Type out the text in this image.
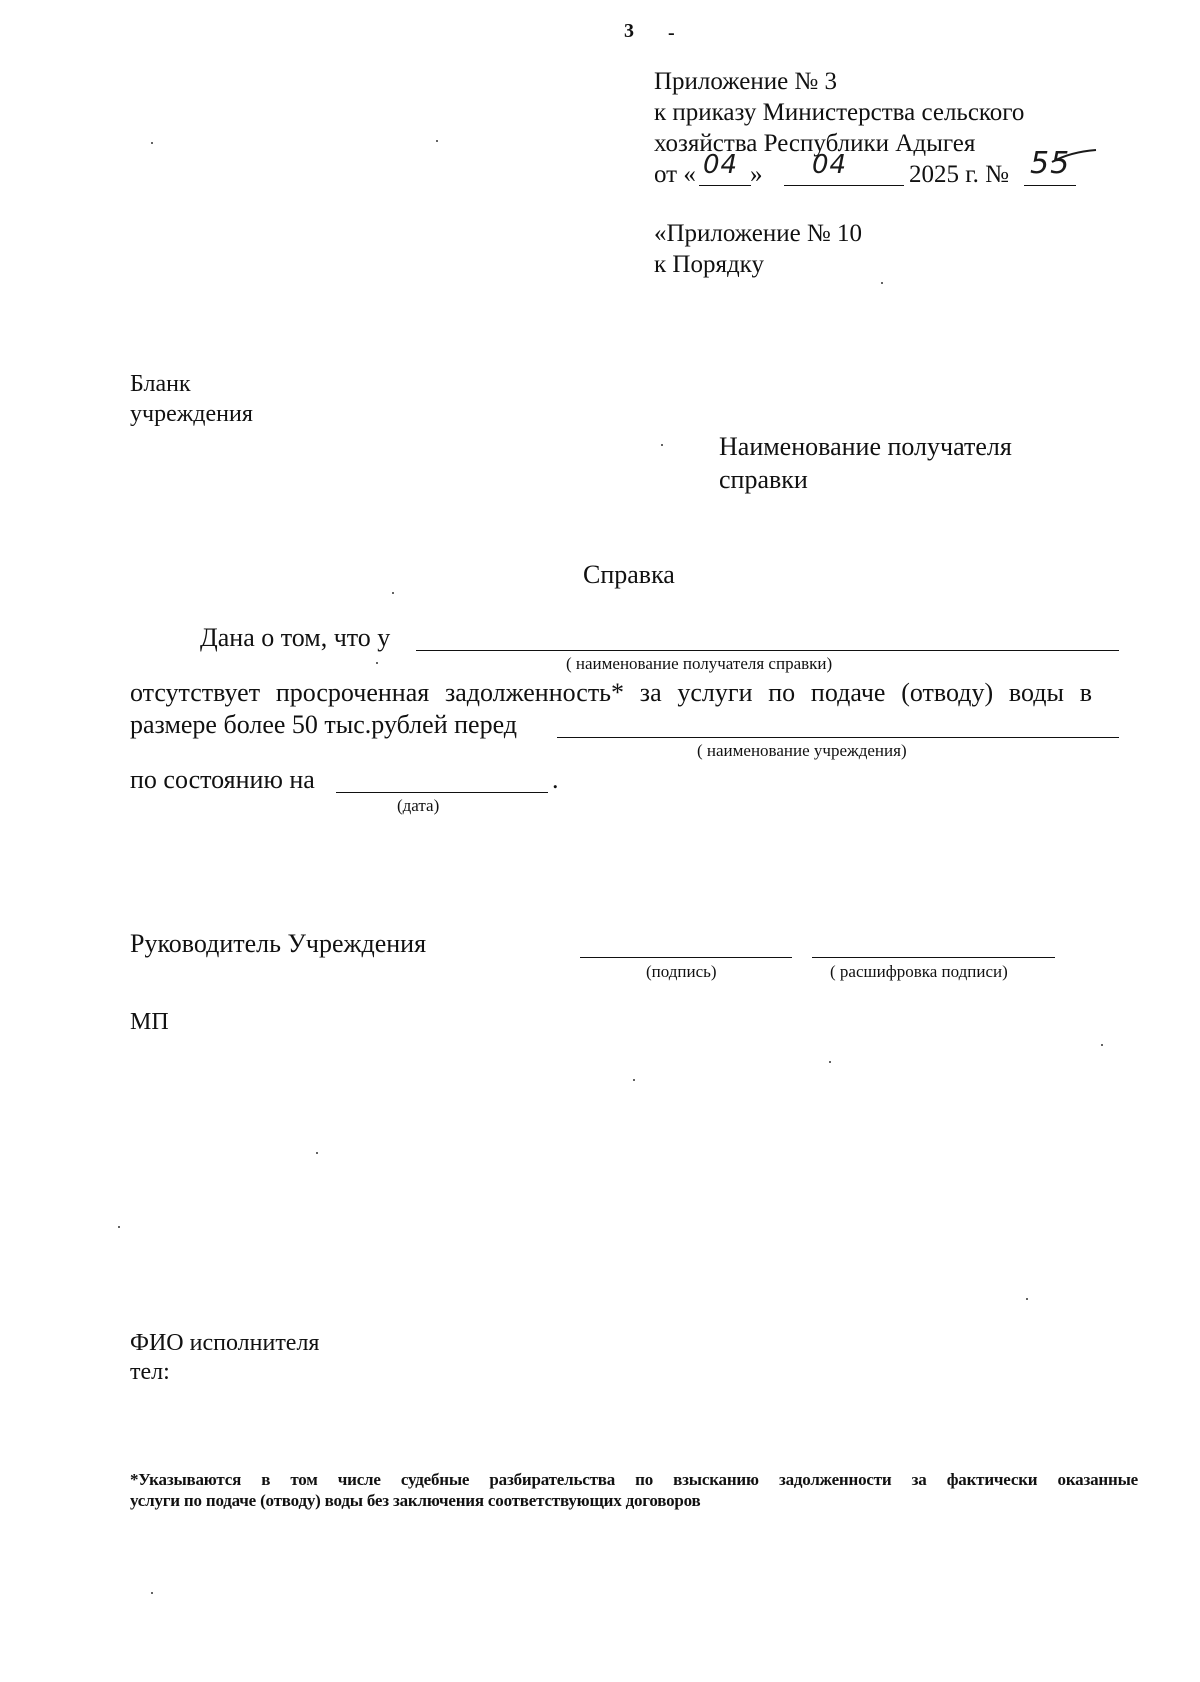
3 -
Приложение № 3
к приказу Министерства сельского
хозяйства Республики Адыгея
от « 04 » 04 2025 г. № 55
«Приложение № 10
к Порядку
Бланк
учреждения
Наименование получателя
справки
Справка
Дана о том, что у
( наименование получателя справки)
отсутствует просроченная задолженность* за услуги по подаче (отводу) воды в
размере более 50 тыс.рублей перед
( наименование учреждения)
по состоянию на	.
(дата)
Руководитель Учреждения
(подпись)	( расшифровка подписи)
МП
ФИО исполнителя
тел:
*Указываются в том числе судебные разбирательства по взысканию задолженности за фактически оказанные
услуги по подаче (отводу) воды без заключения соответствующих договоров
